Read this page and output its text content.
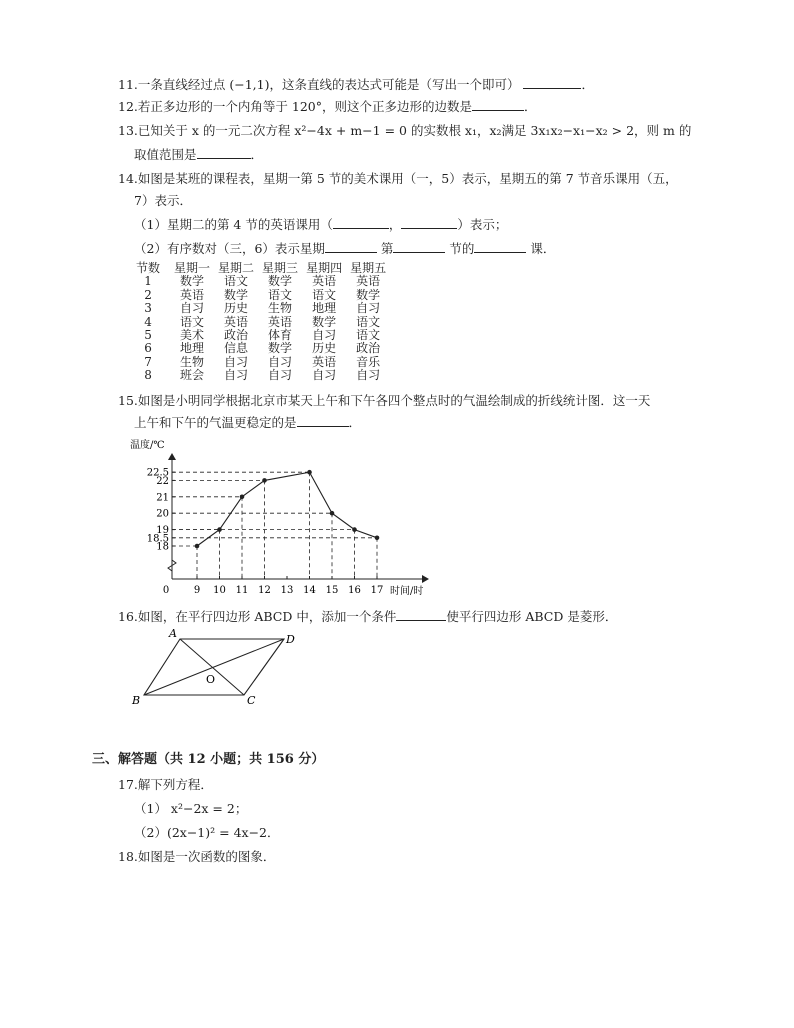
11.一条直线经过点 (−1,1)，这条直线的表达式可能是（写出一个即可）	．
12.若正多边形的一个内角等于 120°，则这个正多边形的边数是	．
13.已知关于 x 的一元二次方程 x²−4x + m−1 = 0 的实数根 x₁，x₂满足 3x₁x₂−x₁−x₂ > 2，则 m 的
取值范围是	．
14.如图是某班的课程表，星期一第 5 节的美术课用（一，5）表示，星期五的第 7 节音乐课用（五，
7）表示．
（1）星期二的第 4 节的英语课用（	，	）表示；
（2）有序数对（三，6）表示星期	第	节的	课．
节数	星期一	星期二	星期三	星期四	星期五
1	数学	语文	数学	英语	英语
2	英语	数学	语文	语文	数学
3	自习	历史	生物	地理	自习
4	语文	英语	英语	数学	语文
5	美术	政治	体育	自习	语文
6	地理	信息	数学	历史	政治
7	生物	自习	自习	英语	音乐
8	班会	自习	自习	自习	自习
15.如图是小明同学根据北京市某天上午和下午各四个整点时的气温绘制成的折线统计图．这一天
上午和下午的气温更稳定的是	．
温度/℃
时间/时
0 9 10 11 12 13 14 15 16 17
18
18.5
19
20
21
22
22.5
16.如图，在平行四边形 ABCD 中，添加一个条件	使平行四边形 ABCD 是菱形．
A	D
B	C
O
三、解答题（共 12 小题；共 156 分）
17.解下列方程．
（1） x²−2x = 2；
（2）(2x−1)² = 4x−2．
18.如图是一次函数的图象．
